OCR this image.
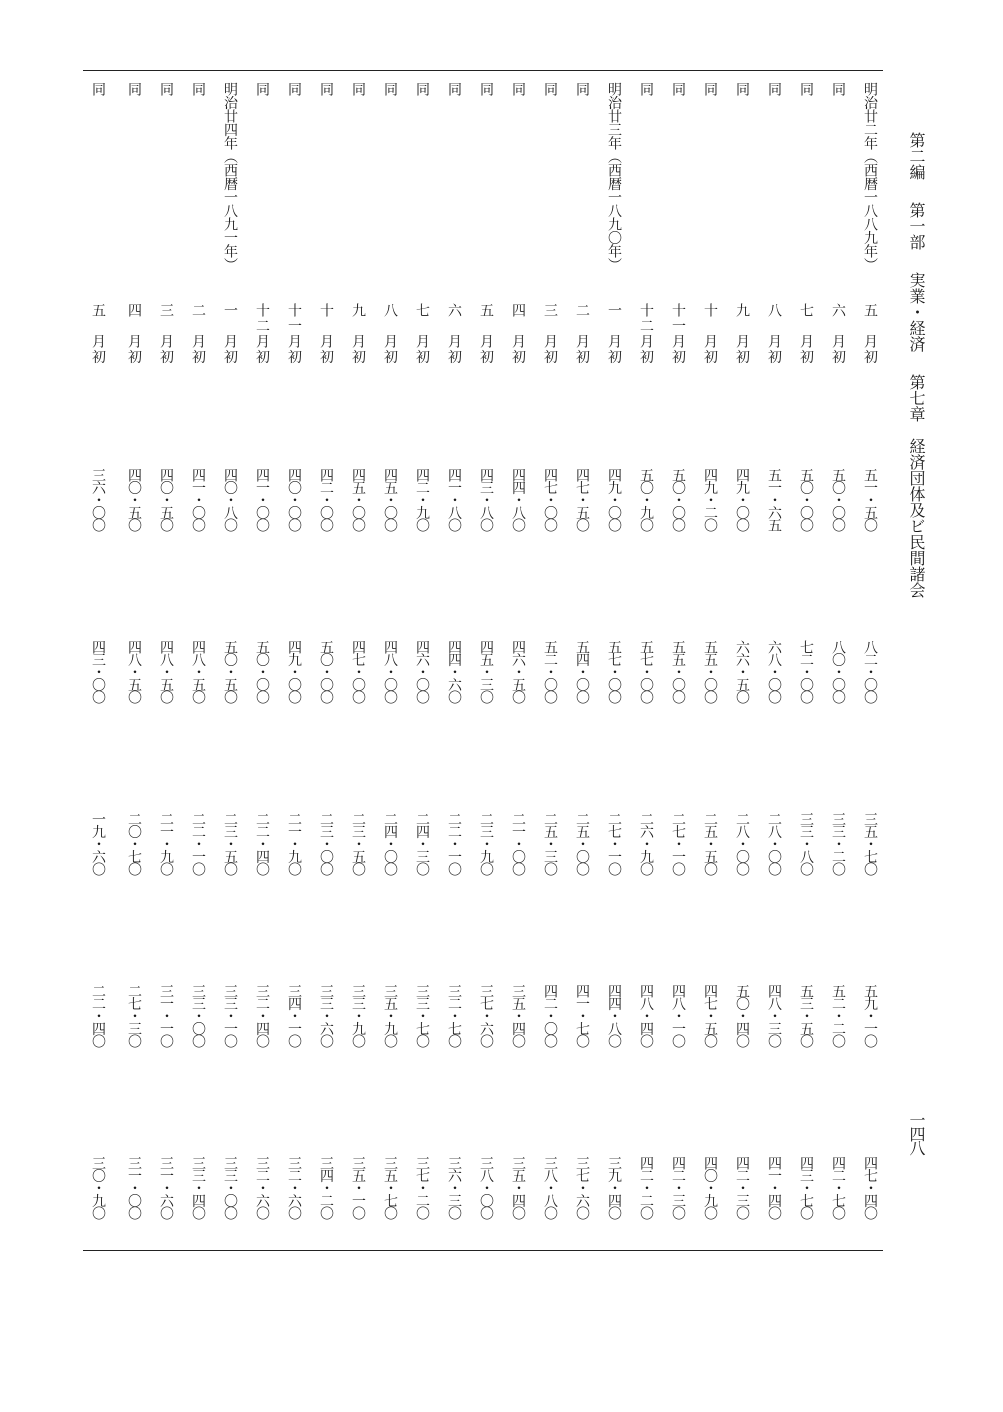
第二編第一部実業・経済第七章経済団体及ビ民間諸会
一四八
明治廿二年（西暦一八八九年）
五　月初
五一・五〇
八二・〇〇
三五・七〇
五九・一〇
四七・四〇
同
六　月初
五〇・〇〇
八〇・〇〇
三三・二〇
五二・二〇
四二・七〇
同
七　月初
五〇・〇〇
七二・〇〇
三三・八〇
五三・五〇
四三・七〇
同
八　月初
五一・六五
六八・〇〇
二八・〇〇
四八・三〇
四一・四〇
同
九　月初
四九・〇〇
六六・五〇
二八・〇〇
五〇・四〇
四二・三〇
同
十　月初
四九・二〇
五五・〇〇
二五・五〇
四七・五〇
四〇・九〇
同
十一月初
五〇・〇〇
五五・〇〇
二七・一〇
四八・一〇
四二・三〇
同
十二月初
五〇・九〇
五七・〇〇
二六・九〇
四八・四〇
四二・二〇
明治廿三年（西暦一八九〇年）
一　月初
四九・〇〇
五七・〇〇
二七・一〇
四四・八〇
三九・四〇
同
二　月初
四七・五〇
五四・〇〇
二五・〇〇
四一・七〇
三七・六〇
同
三　月初
四七・〇〇
五二・〇〇
二五・三〇
四二・〇〇
三八・八〇
同
四　月初
四四・八〇
四六・五〇
二一・〇〇
三五・四〇
三五・四〇
同
五　月初
四三・八〇
四五・三〇
二三・九〇
三七・六〇
三八・〇〇
同
六　月初
四一・八〇
四四・六〇
二二・一〇
三二・七〇
三六・三〇
同
七　月初
四二・九〇
四六・〇〇
二四・三〇
三三・七〇
三七・二〇
同
八　月初
四五・〇〇
四八・〇〇
二四・〇〇
三五・九〇
三五・七〇
同
九　月初
四五・〇〇
四七・〇〇
二三・五〇
三三・九〇
三五・一〇
同
十　月初
四二・〇〇
五〇・〇〇
二三・〇〇
三三・六〇
三四・二〇
同
十一月初
四〇・〇〇
四九・〇〇
二一・九〇
三四・一〇
三二・六〇
同
十二月初
四一・〇〇
五〇・〇〇
二二・四〇
三二・四〇
三二・六〇
明治廿四年（西暦一八九一年）
一　月初
四〇・八〇
五〇・五〇
二三・五〇
三三・一〇
三三・〇〇
同
二　月初
四一・〇〇
四八・五〇
二二・一〇
三三・〇〇
三三・四〇
同
三　月初
四〇・五〇
四八・五〇
二一・九〇
三一・一〇
三一・六〇
同
四　月初
四〇・五〇
四八・五〇
二〇・七〇
二七・三〇
三一・〇〇
同
五　月初
三六・〇〇
四三・〇〇
一九・六〇
二二・四〇
三〇・九〇
